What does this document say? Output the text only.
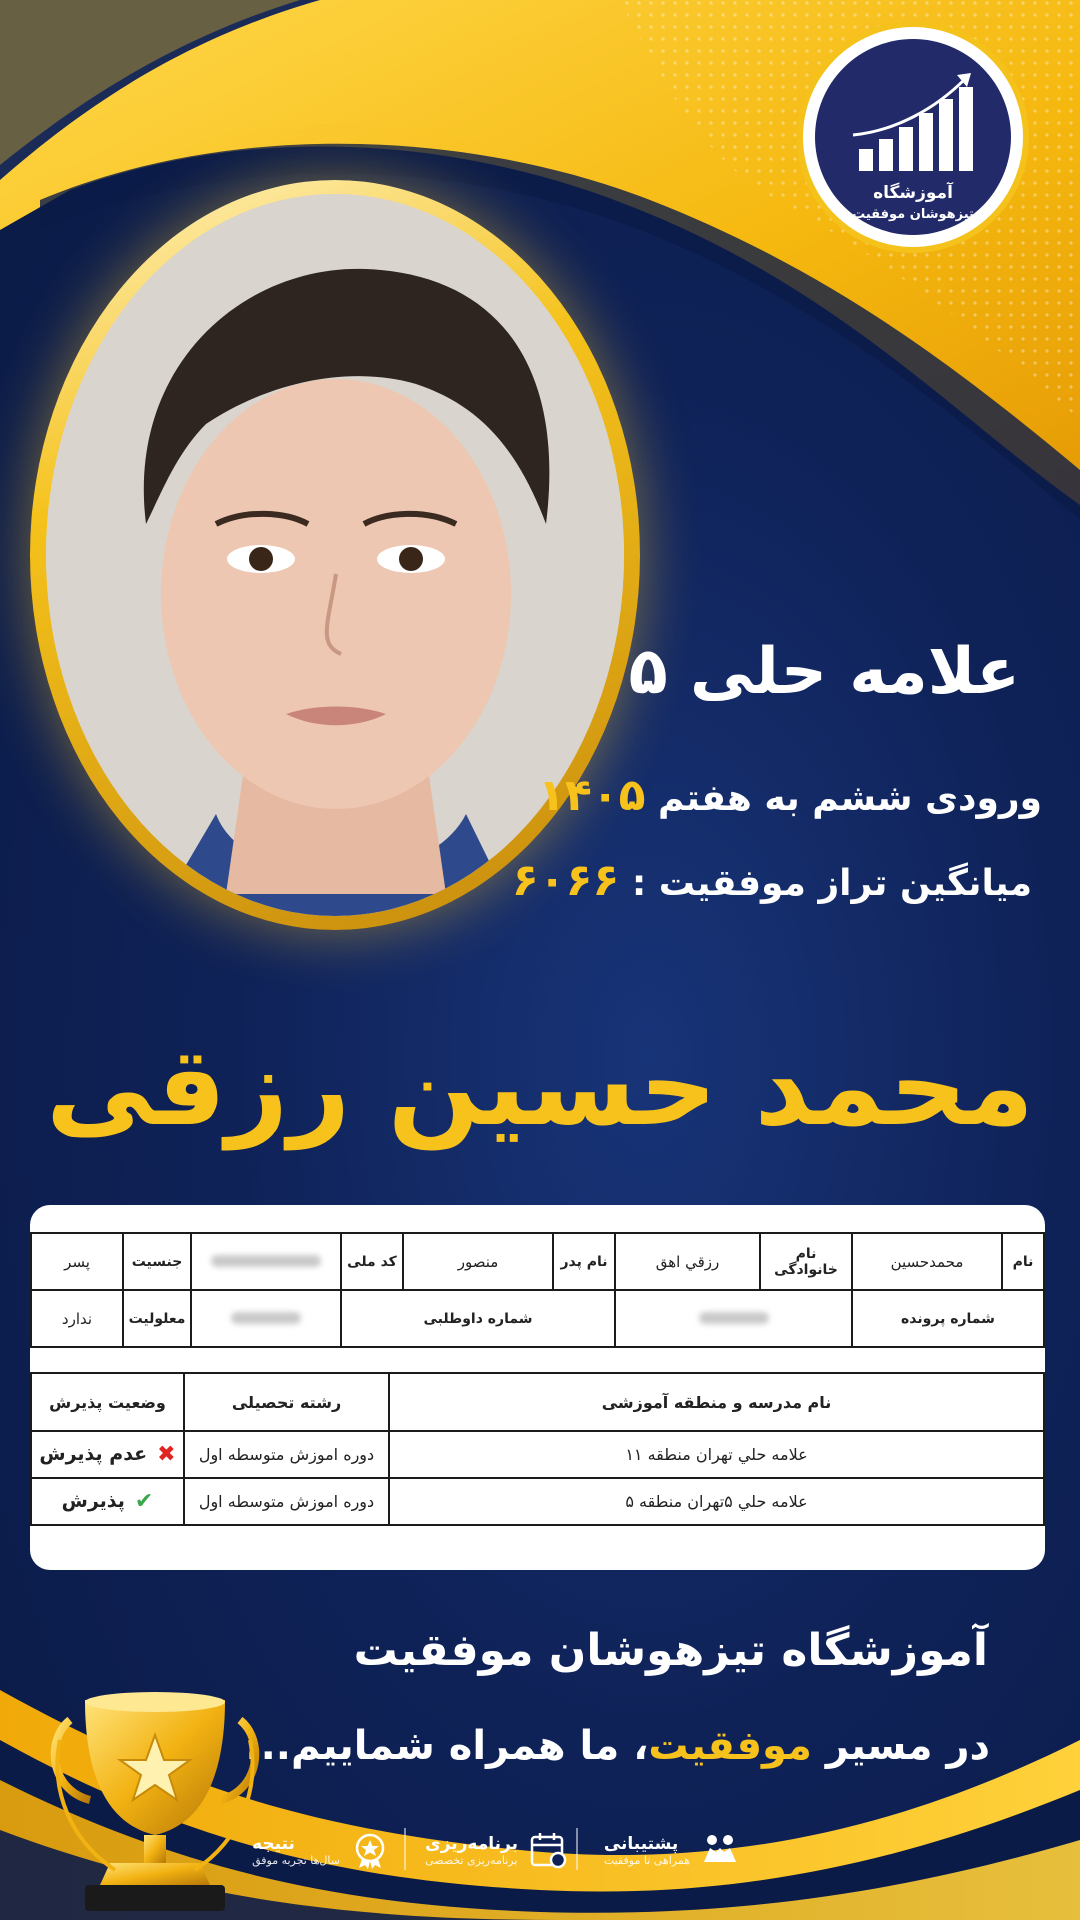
آموزشگاه
تیزهوشان موفقیت
علامه حلی ۵
ورودی ششم به هفتم ۱۴۰۵
میانگین تراز موفقیت : ۶۰۶۶
محمد حسین رزقی
نام	محمدحسین	نام خانوادگی	رزقي اهق	نام پدر	منصور	کد ملی		جنسیت	پسر
شماره پرونده				شماره داوطلبی				معلولیت	ندارد
نام مدرسه و منطقه آموزشی	رشته تحصیلی	وضعیت پذیرش
علامه حلي تهران منطقه ۱۱	دوره اموزش متوسطه اول	✖عدم پذیرش
علامه حلي ۵تهران منطقه ۵	دوره اموزش متوسطه اول	✔پذیرش
آموزشگاه تیزهوشان موفقیت
در مسیر موفقیت، ما همراه شماییم...
پشتیبانی
همراهی تا موفقیت
برنامه‌ریزی
برنامه‌ریزی تخصصی
نتیجه
سال‌ها تجربه موفق
